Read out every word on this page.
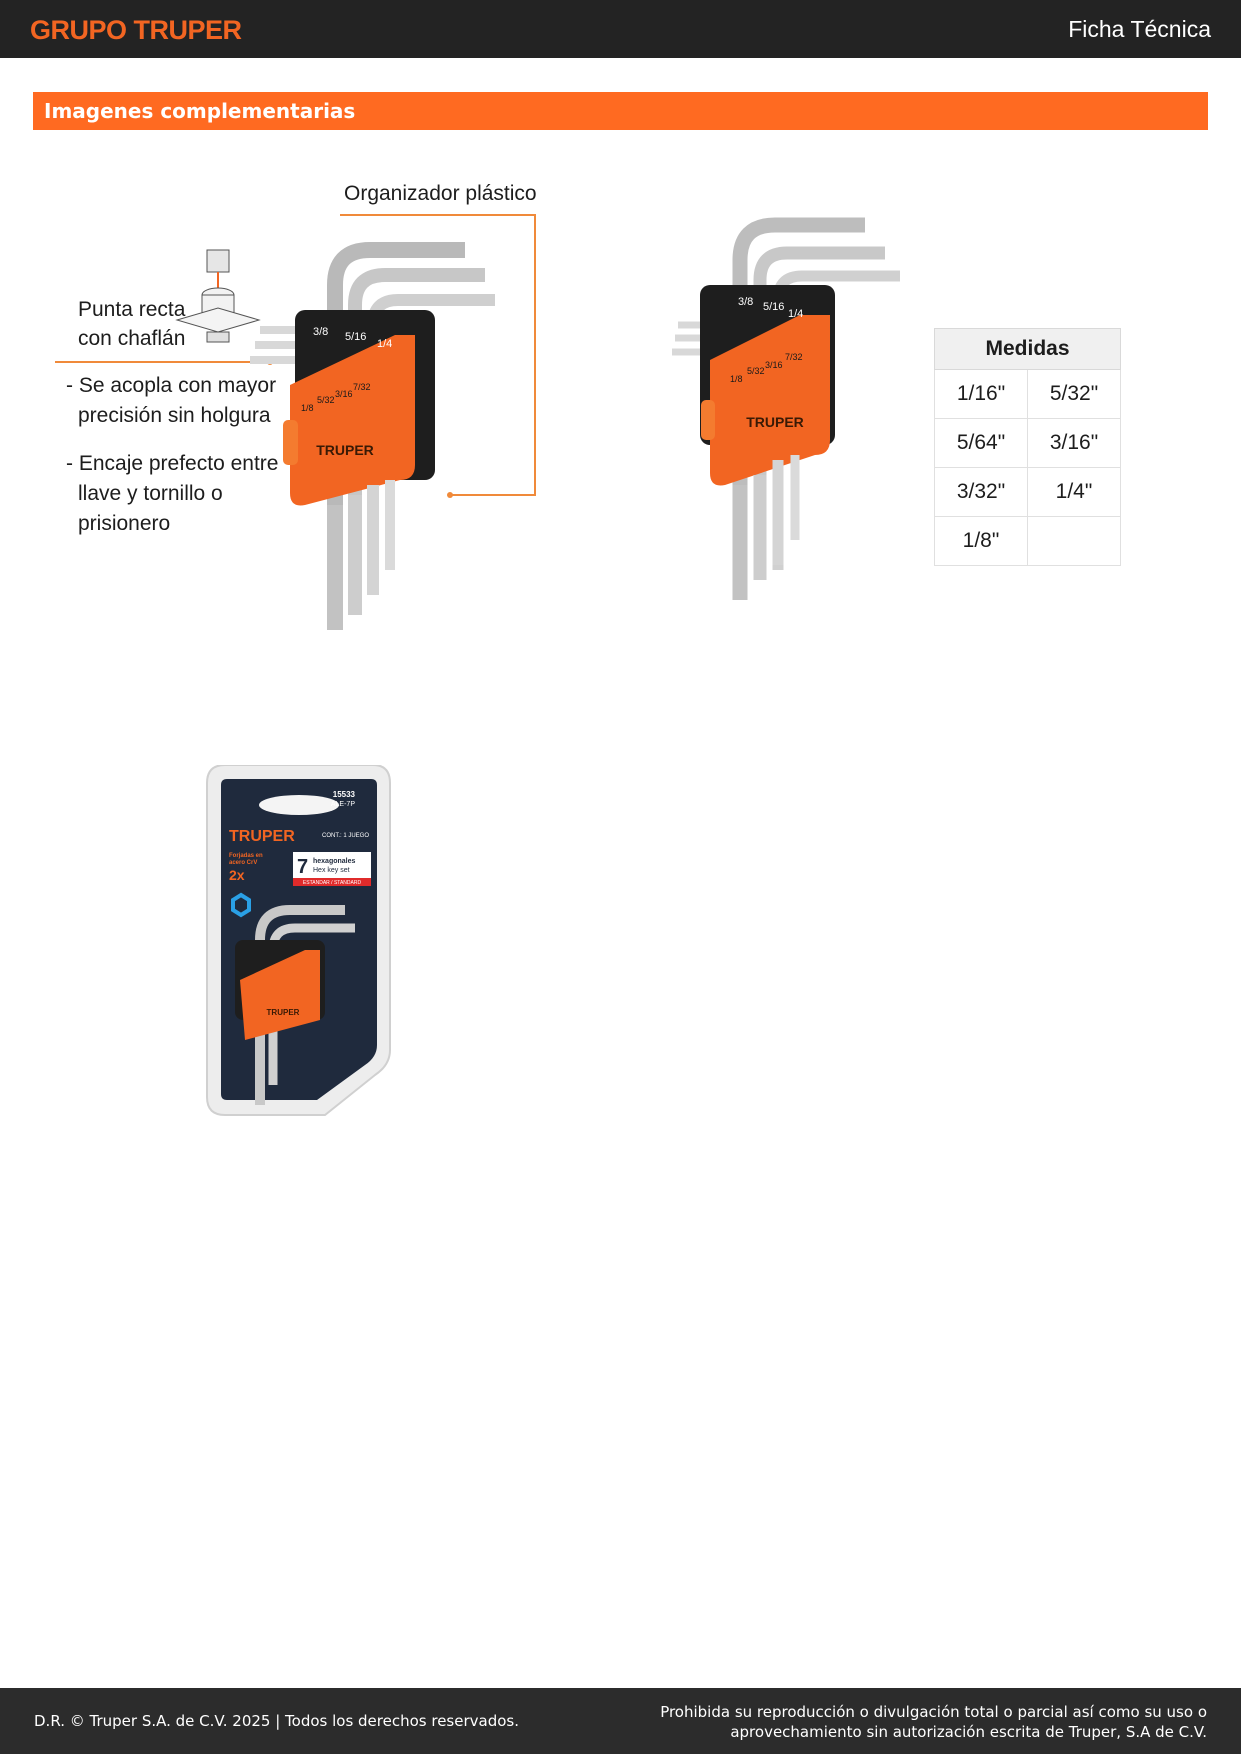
GRUPO TRUPER	Ficha Técnica
Imagenes complementarias
TRUPER
3/8 5/16
1/4
1/8
5/32
3/16
7/32
Organizador plástico
Punta recta
con chaflán
- Se acopla con mayor
precisión sin holgura
- Encaje prefecto entre
llave y tornillo o
prisionero
TRUPER
3/8 5/16
1/4
1/8
5/32
3/16
7/32	Medidas	
1/16"	5/32"
5/64"	3/16"
3/32"	1/4"
1/8"	
15533
ALE-7P
TRUPER	CONT.: 1 JUEGO
Forjadas en
acero CrV
2x	7 hexagonales
Hex key set
ESTANDAR / STANDARD
TRUPER
D.R. © Truper S.A. de C.V. 2025 | Todos los derechos reservados.	Prohibida su reproducción o divulgación total o parcial así como su uso o
aprovechamiento sin autorización escrita de Truper, S.A de C.V.
